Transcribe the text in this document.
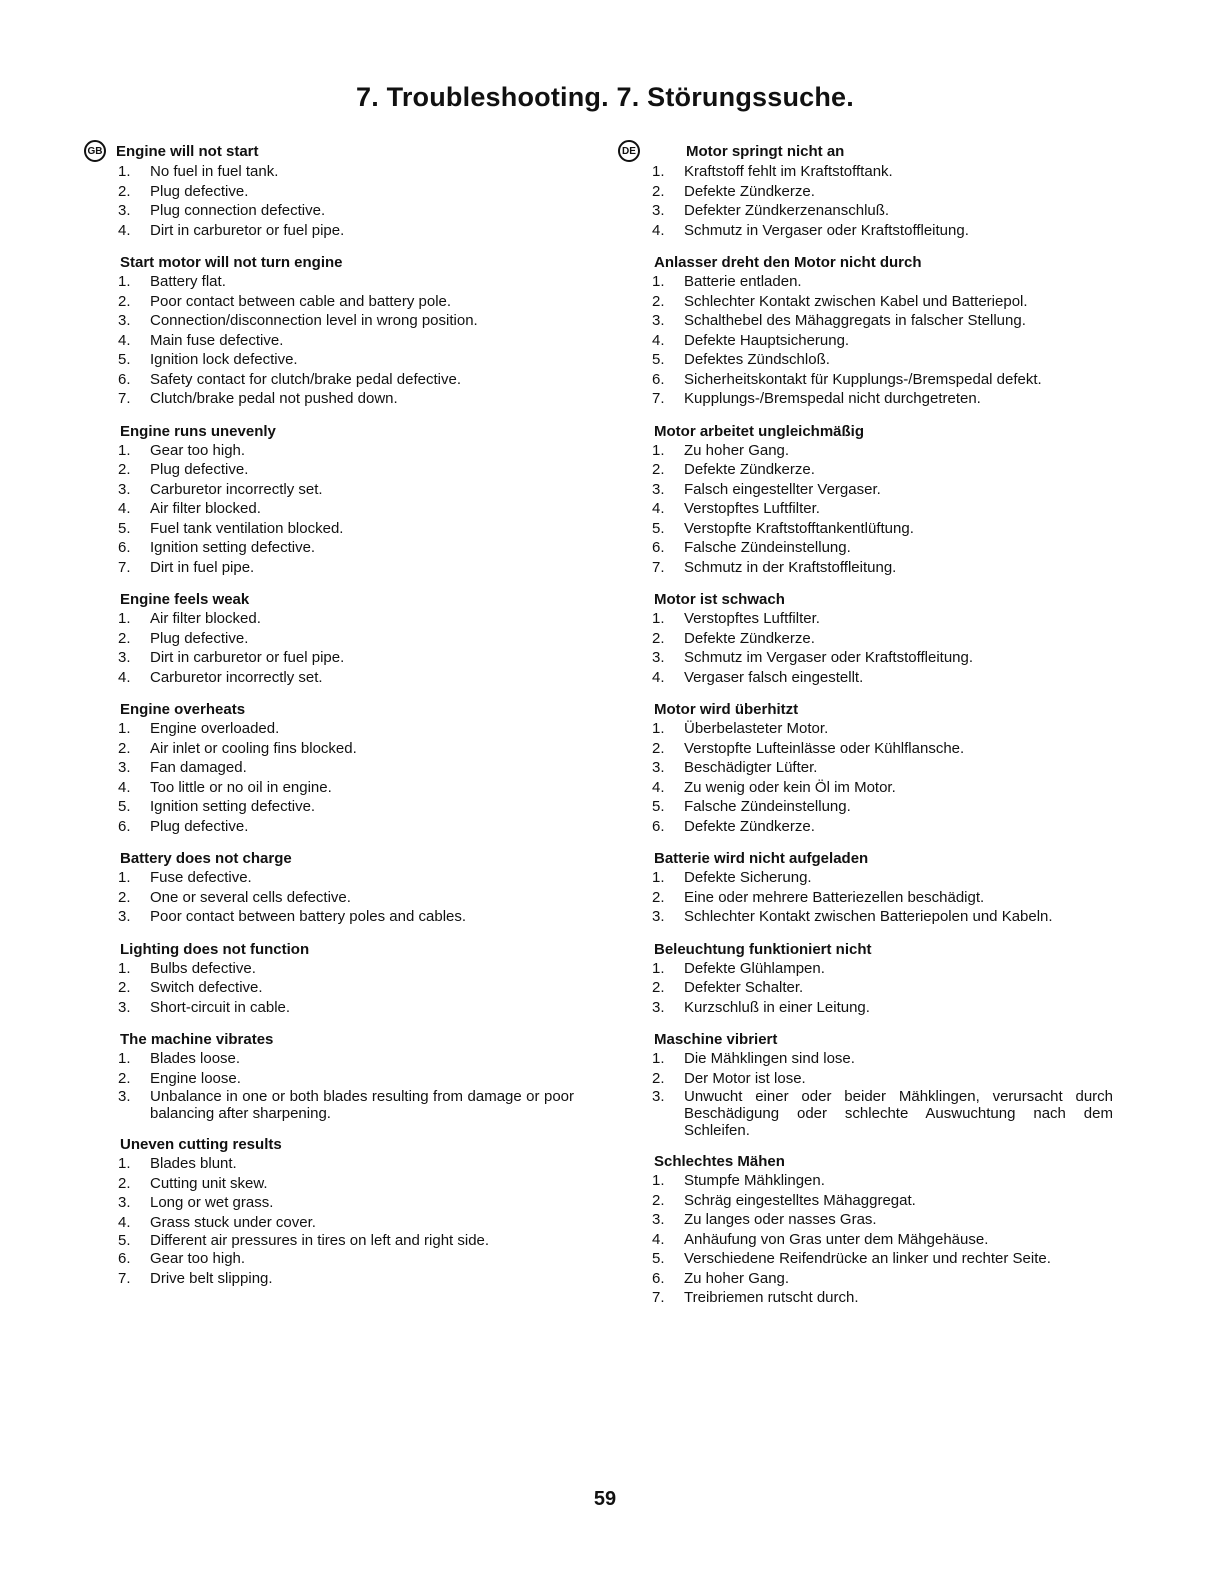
7. Troubleshooting. 7. Störungssuche.
GB Engine will not start
1. No fuel in fuel tank.
2. Plug defective.
3. Plug connection defective.
4. Dirt in carburetor or fuel pipe.
Start motor will not turn engine
1. Battery flat.
2. Poor contact between cable and battery pole.
3. Connection/disconnection level in wrong position.
4. Main fuse defective.
5. Ignition lock defective.
6. Safety contact for clutch/brake pedal defective.
7. Clutch/brake pedal not pushed down.
Engine runs unevenly
1. Gear too high.
2. Plug defective.
3. Carburetor incorrectly set.
4. Air filter blocked.
5. Fuel tank ventilation blocked.
6. Ignition setting defective.
7. Dirt in fuel pipe.
Engine feels weak
1. Air filter blocked.
2. Plug defective.
3. Dirt in carburetor or fuel pipe.
4. Carburetor incorrectly set.
Engine overheats
1. Engine overloaded.
2. Air inlet or cooling fins blocked.
3. Fan damaged.
4. Too little or no oil in engine.
5. Ignition setting defective.
6. Plug defective.
Battery does not charge
1. Fuse defective.
2. One or several cells defective.
3. Poor contact between battery poles and cables.
Lighting does not function
1. Bulbs defective.
2. Switch defective.
3. Short-circuit in cable.
The machine vibrates
1. Blades loose.
2. Engine loose.
3. Unbalance in one or both blades resulting from damage or poor balancing after sharpening.
Uneven cutting results
1. Blades blunt.
2. Cutting unit skew.
3. Long or wet grass.
4. Grass stuck under cover.
5. Different air pressures in tires on left and right side.
6. Gear too high.
7. Drive belt slipping.
DE	Motor springt nicht an
1. Kraftstoff fehlt im Kraftstofftank.
2. Defekte Zündkerze.
3. Defekter Zündkerzenanschluß.
4. Schmutz in Vergaser oder Kraftstoffleitung.
Anlasser dreht den Motor nicht durch
1. Batterie entladen.
2. Schlechter Kontakt zwischen Kabel und Batteriepol.
3. Schalthebel des Mähaggregats in falscher Stellung.
4. Defekte Hauptsicherung.
5. Defektes Zündschloß.
6. Sicherheitskontakt für Kupplungs-/Bremspedal defekt.
7. Kupplungs-/Bremspedal nicht durchgetreten.
Motor arbeitet ungleichmäßig
1. Zu hoher Gang.
2. Defekte Zündkerze.
3. Falsch eingestellter Vergaser.
4. Verstopftes Luftfilter.
5. Verstopfte Kraftstofftankentlüftung.
6. Falsche Zündeinstellung.
7. Schmutz in der Kraftstoffleitung.
Motor ist schwach
1. Verstopftes Luftfilter.
2. Defekte Zündkerze.
3. Schmutz im Vergaser oder Kraftstoffleitung.
4. Vergaser falsch eingestellt.
Motor wird überhitzt
1. Überbelasteter Motor.
2. Verstopfte Lufteinlässe oder Kühlflansche.
3. Beschädigter Lüfter.
4. Zu wenig oder kein Öl im Motor.
5. Falsche Zündeinstellung.
6. Defekte Zündkerze.
Batterie wird nicht aufgeladen
1. Defekte Sicherung.
2. Eine oder mehrere Batteriezellen beschädigt.
3. Schlechter Kontakt zwischen Batteriepolen und Kabeln.
Beleuchtung funktioniert nicht
1. Defekte Glühlampen.
2. Defekter Schalter.
3. Kurzschluß in einer Leitung.
Maschine vibriert
1. Die Mähklingen sind lose.
2. Der Motor ist lose.
3. Unwucht einer oder beider Mähklingen, verursacht durch Beschädigung oder schlechte Auswuchtung nach dem Schleifen.
Schlechtes Mähen
1. Stumpfe Mähklingen.
2. Schräg eingestelltes Mähaggregat.
3. Zu langes oder nasses Gras.
4. Anhäufung von Gras unter dem Mähgehäuse.
5. Verschiedene Reifendrücke an linker und rechter Seite.
6. Zu hoher Gang.
7. Treibriemen rutscht durch.
59
